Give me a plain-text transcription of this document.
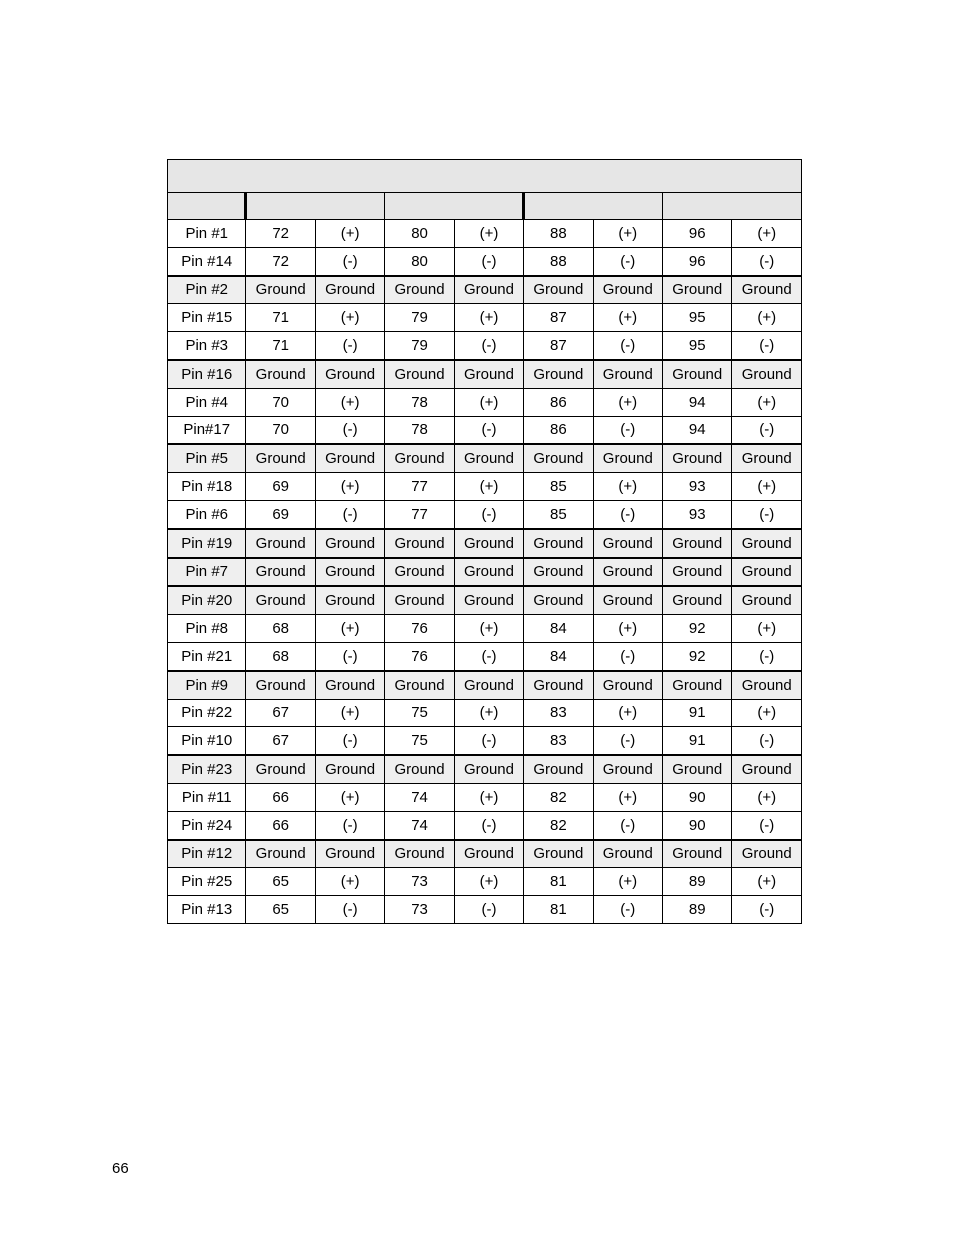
Pin #1	72	(+)	80	(+)	88	(+)	96	(+)
Pin #14	72	(-)	80	(-)	88	(-)	96	(-)
Pin #2	Ground	Ground	Ground	Ground	Ground	Ground	Ground	Ground
Pin #15	71	(+)	79	(+)	87	(+)	95	(+)
Pin #3	71	(-)	79	(-)	87	(-)	95	(-)
Pin #16	Ground	Ground	Ground	Ground	Ground	Ground	Ground	Ground
Pin #4	70	(+)	78	(+)	86	(+)	94	(+)
Pin#17	70	(-)	78	(-)	86	(-)	94	(-)
Pin #5	Ground	Ground	Ground	Ground	Ground	Ground	Ground	Ground
Pin #18	69	(+)	77	(+)	85	(+)	93	(+)
Pin #6	69	(-)	77	(-)	85	(-)	93	(-)
Pin #19	Ground	Ground	Ground	Ground	Ground	Ground	Ground	Ground
Pin #7	Ground	Ground	Ground	Ground	Ground	Ground	Ground	Ground
Pin #20	Ground	Ground	Ground	Ground	Ground	Ground	Ground	Ground
Pin #8	68	(+)	76	(+)	84	(+)	92	(+)
Pin #21	68	(-)	76	(-)	84	(-)	92	(-)
Pin #9	Ground	Ground	Ground	Ground	Ground	Ground	Ground	Ground
Pin #22	67	(+)	75	(+)	83	(+)	91	(+)
Pin #10	67	(-)	75	(-)	83	(-)	91	(-)
Pin #23	Ground	Ground	Ground	Ground	Ground	Ground	Ground	Ground
Pin #11	66	(+)	74	(+)	82	(+)	90	(+)
Pin #24	66	(-)	74	(-)	82	(-)	90	(-)
Pin #12	Ground	Ground	Ground	Ground	Ground	Ground	Ground	Ground
Pin #25	65	(+)	73	(+)	81	(+)	89	(+)
Pin #13	65	(-)	73	(-)	81	(-)	89	(-)
66
